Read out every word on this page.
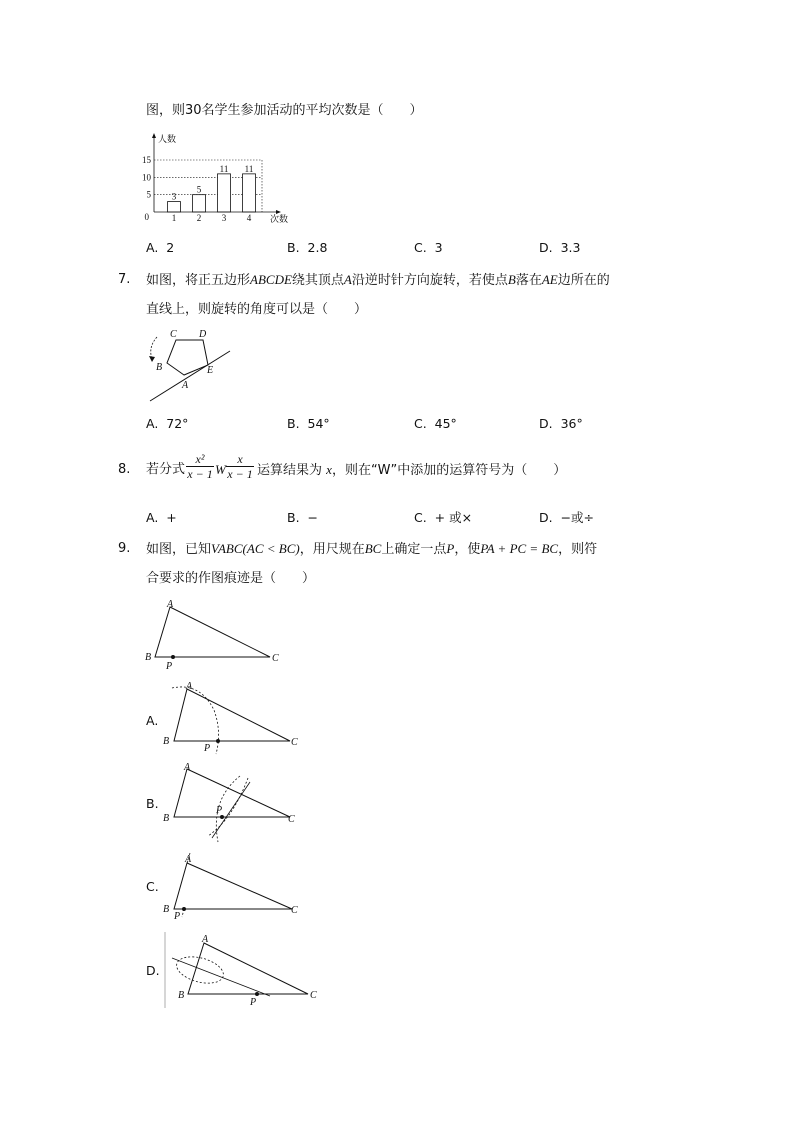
图，则30名学生参加活动的平均次数是（　　）
5
10
15
3
1
5
2
11
3
11
4
人数
次数
0
A. 2	B. 2.8	C. 3	D. 3.3
7. 如图，将正五边形ABCDE绕其顶点A沿逆时针方向旋转，若使点B落在AE边所在的
直线上，则旋转的角度可以是（　　）
C D
B	E
A
A. 72°	B. 54°	C. 45°	D. 36°
8. 若分式 $\frac{\text{x²}}{x - 1}$ W $\frac{x}{x - 1}$ 运算结果为 x，则在“W”中添加的运算符号为（　　）
A. +	B. −	C. + 或×	D. −或÷
9. 如图，已知VABC(AC < BC)，用尺规在BC上确定一点P，使PA + PC = BC，则符
合要求的作图痕迹是（　　）
A
B	C
P
A.
A
B	C
P
B.
A
B	C
P
C.
A
B	C
P
D.
A
B	C
P
